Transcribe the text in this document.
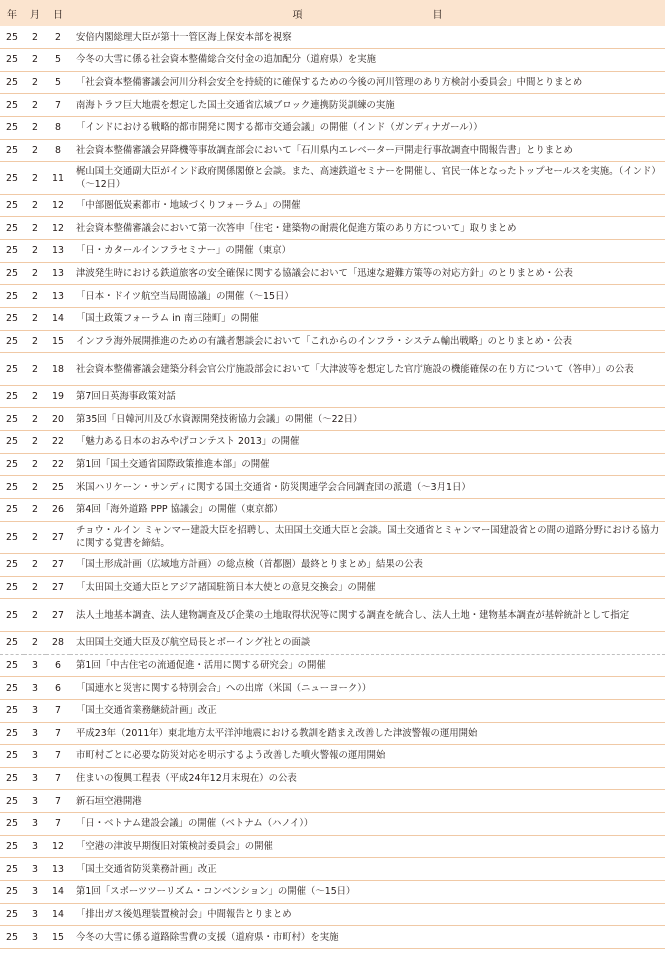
年	月	日	項　　　　　　　　　　　　　目
25	2	2	安倍内閣総理大臣が第十一管区海上保安本部を視察
25	2	5	今冬の大雪に係る社会資本整備総合交付金の追加配分（道府県）を実施
25	2	5	「社会資本整備審議会河川分科会安全を持続的に確保するための今後の河川管理のあり方検討小委員会」中間とりまとめ
25	2	7	南海トラフ巨大地震を想定した国土交通省広域ブロック連携防災訓練の実施
25	2	8	「インドにおける戦略的都市開発に関する都市交通会議」の開催（インド（ガンディナガール））
25	2	8	社会資本整備審議会昇降機等事故調査部会において「石川県内エレベーター戸開走行事故調査中間報告書」とりまとめ
25	2	11	梶山国土交通副大臣がインド政府関係閣僚と会談。また、高速鉄道セミナーを開催し、官民一体となったトップセールスを実施。（インド）（〜12日）
25	2	12	「中部圏低炭素都市・地域づくりフォーラム」の開催
25	2	12	社会資本整備審議会において第一次答申「住宅・建築物の耐震化促進方策のあり方について」取りまとめ
25	2	13	「日・カタールインフラセミナー」の開催（東京）
25	2	13	津波発生時における鉄道旅客の安全確保に関する協議会において「迅速な避難方策等の対応方針」のとりまとめ・公表
25	2	13	「日本・ドイツ航空当局間協議」の開催（〜15日）
25	2	14	「国土政策フォーラム in 南三陸町」の開催
25	2	15	インフラ海外展開推進のための有識者懇談会において「これからのインフラ・システム輸出戦略」のとりまとめ・公表
25	2	18	社会資本整備審議会建築分科会官公庁施設部会において「大津波等を想定した官庁施設の機能確保の在り方について（答申）」の公表
25	2	19	第7回日英海事政策対話
25	2	20	第35回「日韓河川及び水資源開発技術協力会議」の開催（〜22日）
25	2	22	「魅力ある日本のおみやげコンテスト 2013」の開催
25	2	22	第1回「国土交通省国際政策推進本部」の開催
25	2	25	米国ハリケーン・サンディに関する国土交通省・防災関連学会合同調査団の派遣（〜3月1日）
25	2	26	第4回「海外道路 PPP 協議会」の開催（東京都）
25	2	27	チョウ・ルイン ミャンマー建設大臣を招聘し、太田国土交通大臣と会談。国土交通省とミャンマー国建設省との間の道路分野における協力に関する覚書を締結。
25	2	27	「国土形成計画（広域地方計画）の総点検（首都圏）最終とりまとめ」結果の公表
25	2	27	「太田国土交通大臣とアジア諸国駐箚日本大使との意見交換会」の開催
25	2	27	法人土地基本調査、法人建物調査及び企業の土地取得状況等に関する調査を統合し、法人土地・建物基本調査が基幹統計として指定
25	2	28	太田国土交通大臣及び航空局長とボーイング社との面談
25	3	6	第1回「中古住宅の流通促進・活用に関する研究会」の開催
25	3	6	「国連水と災害に関する特別会合」への出席（米国（ニューヨーク））
25	3	7	「国土交通省業務継続計画」改正
25	3	7	平成23年（2011年）東北地方太平洋沖地震における教訓を踏まえ改善した津波警報の運用開始
25	3	7	市町村ごとに必要な防災対応を明示するよう改善した噴火警報の運用開始
25	3	7	住まいの復興工程表（平成24年12月末現在）の公表
25	3	7	新石垣空港開港
25	3	7	「日・ベトナム建設会議」の開催（ベトナム（ハノイ））
25	3	12	「空港の津波早期復旧対策検討委員会」の開催
25	3	13	「国土交通省防災業務計画」改正
25	3	14	第1回「スポーツツーリズム・コンベンション」の開催（〜15日）
25	3	14	「排出ガス後処理装置検討会」中間報告とりまとめ
25	3	15	今冬の大雪に係る道路除雪費の支援（道府県・市町村）を実施
